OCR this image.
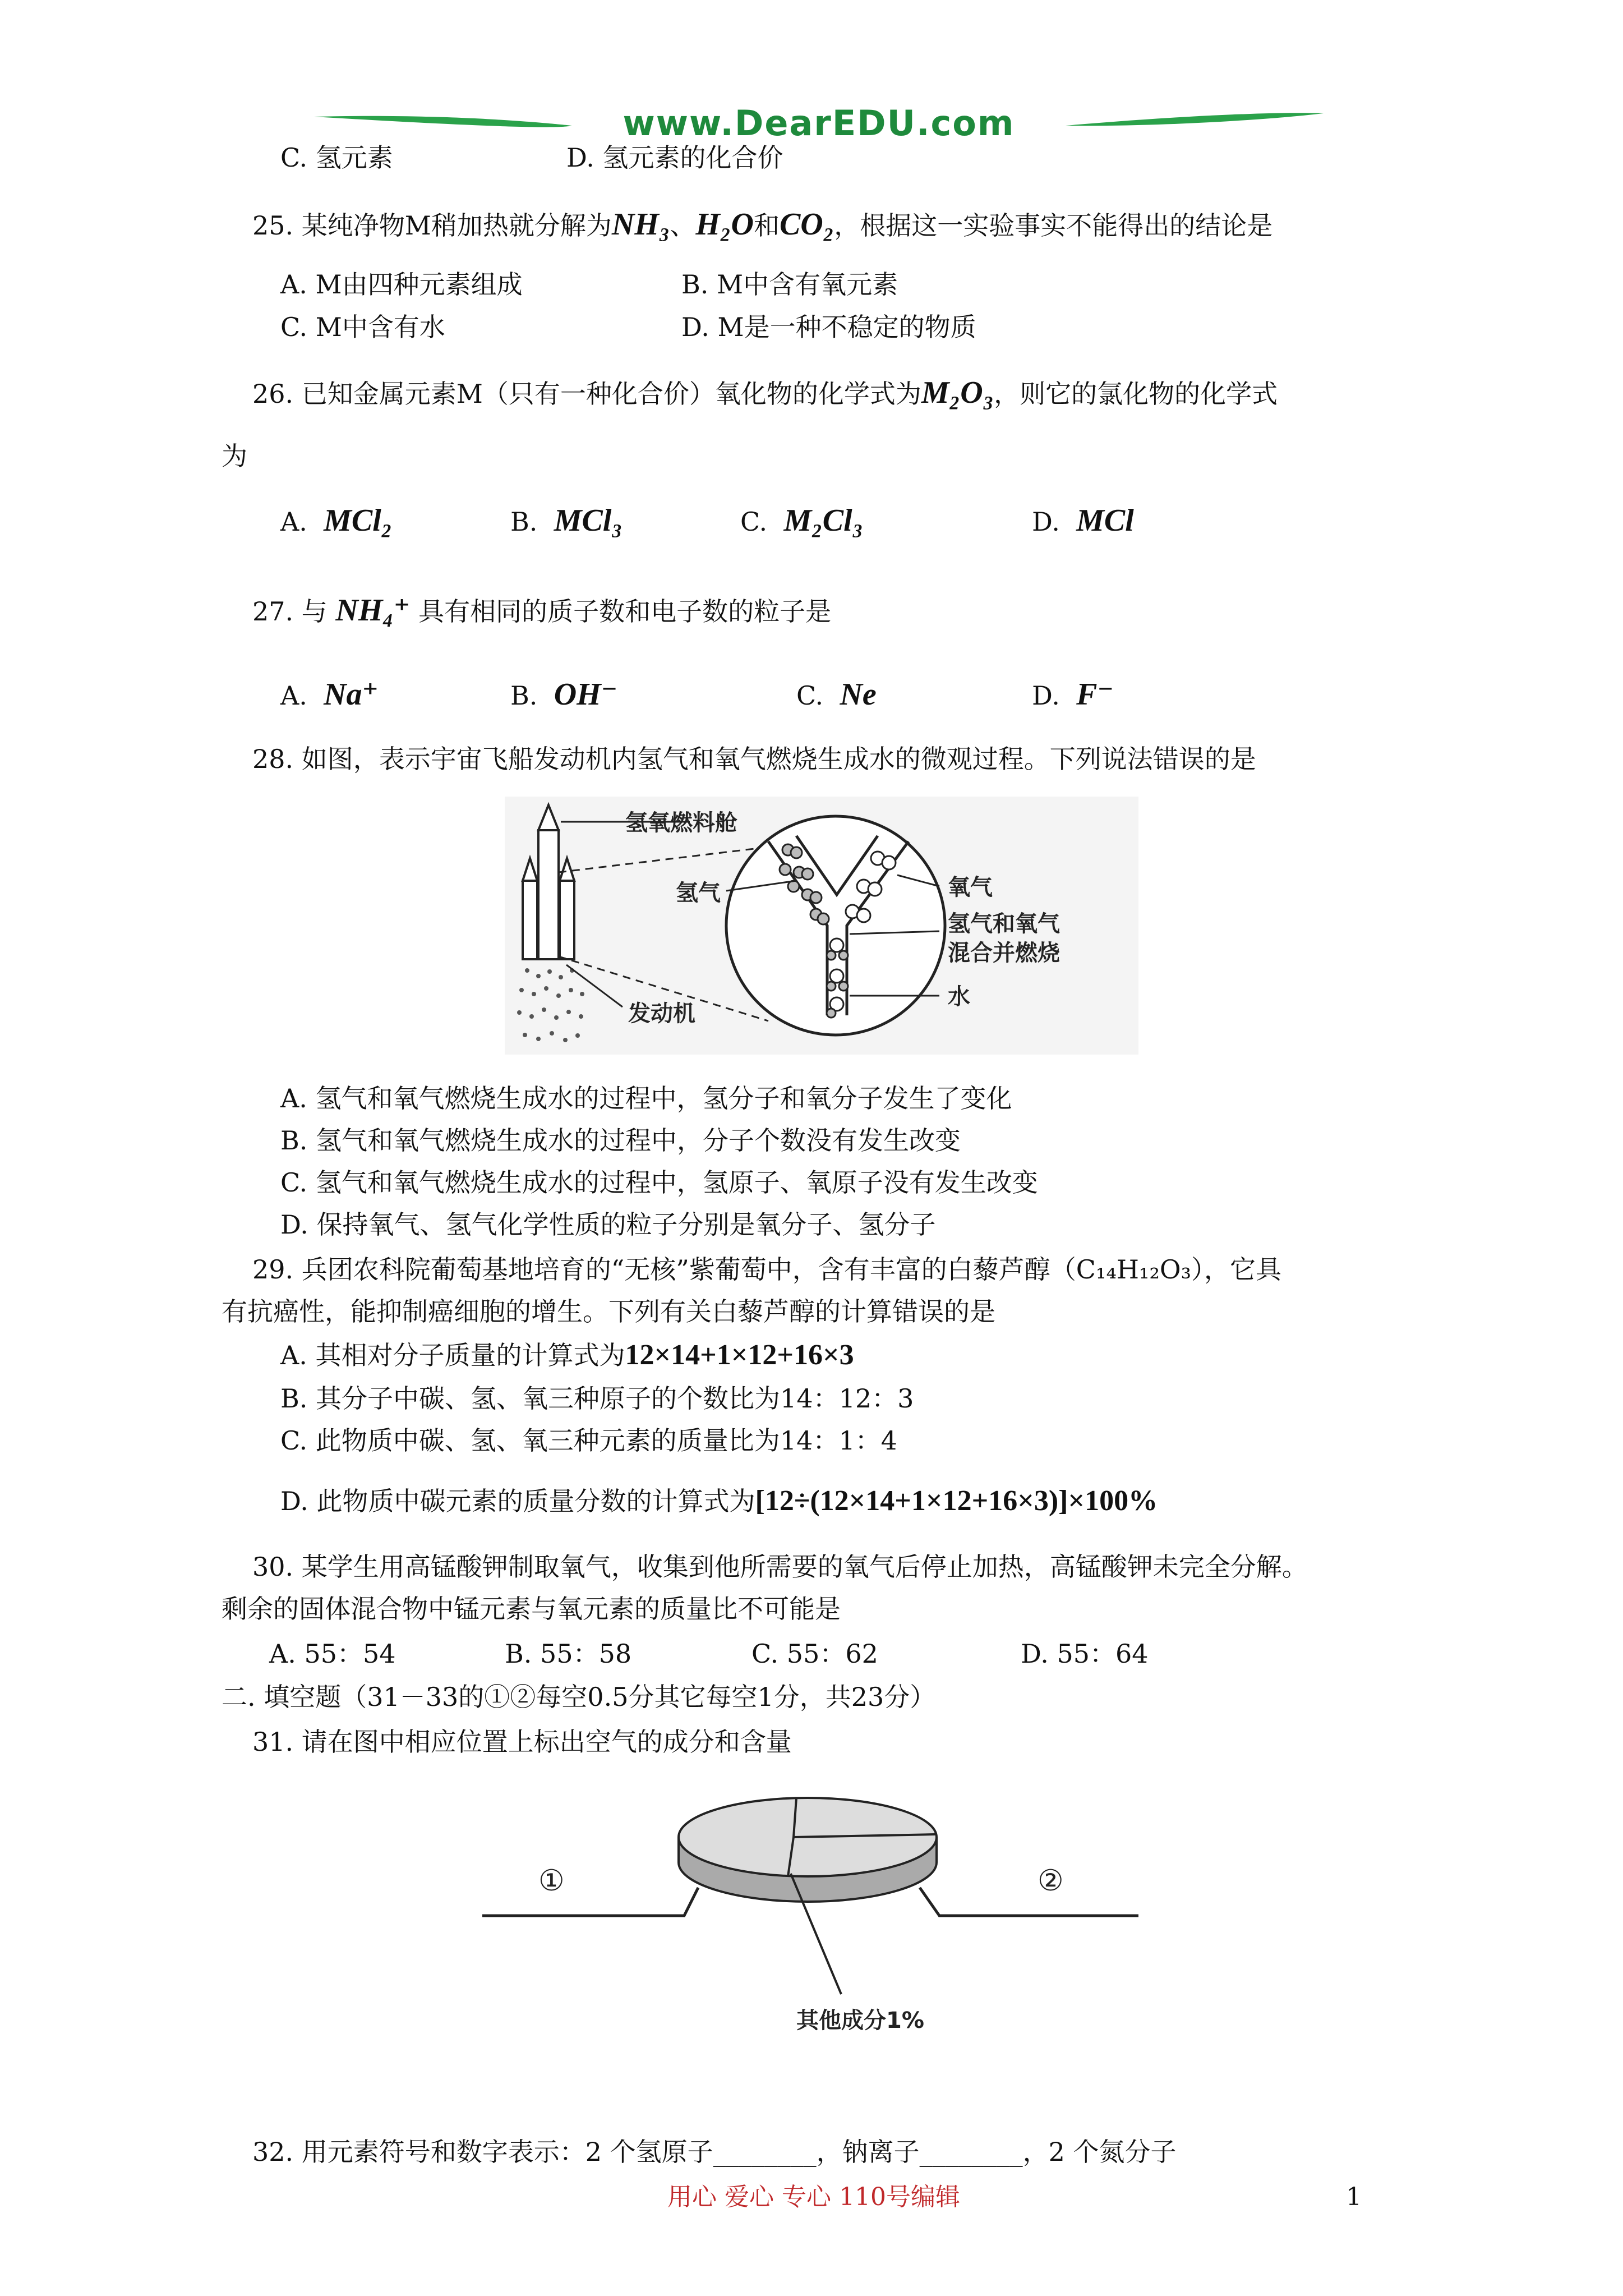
www.DearEDU.com
C. 氢元素	D. 氢元素的化合价
25. 某纯净物M稍加热就分解为NH₃、H₂O和CO₂，根据这一实验事实不能得出的结论是
A. M由四种元素组成	B. M中含有氧元素
C. M中含有水	D. M是一种不稳定的物质
26. 已知金属元素M（只有一种化合价）氧化物的化学式为M₂O₃，则它的氯化物的化学式
为
A. MCl₂	B. MCl₃	C. M₂Cl₃	D. MCl
27. 与 NH₄⁺ 具有相同的质子数和电子数的粒子是
A. Na⁺	B. OH⁻	C. Ne	D. F⁻
28. 如图，表示宇宙飞船发动机内氢气和氧气燃烧生成水的微观过程。下列说法错误的是
氢氧燃料舱
氢气	氧气
氢气和氧气
混合并燃烧
水
发动机
A. 氢气和氧气燃烧生成水的过程中，氢分子和氧分子发生了变化
B. 氢气和氧气燃烧生成水的过程中，分子个数没有发生改变
C. 氢气和氧气燃烧生成水的过程中，氢原子、氧原子没有发生改变
D. 保持氧气、氢气化学性质的粒子分别是氧分子、氢分子
29. 兵团农科院葡萄基地培育的“无核”紫葡萄中，含有丰富的白藜芦醇（C₁₄H₁₂O₃），它具
有抗癌性，能抑制癌细胞的增生。下列有关白藜芦醇的计算错误的是
A. 其相对分子质量的计算式为12×14+1×12+16×3
B. 其分子中碳、氢、氧三种原子的个数比为14：12：3
C. 此物质中碳、氢、氧三种元素的质量比为14：1：4
D. 此物质中碳元素的质量分数的计算式为[12÷(12×14+1×12+16×3)]×100%
30. 某学生用高锰酸钾制取氧气，收集到他所需要的氧气后停止加热，高锰酸钾未完全分解。
剩余的固体混合物中锰元素与氧元素的质量比不可能是
A. 55：54	B. 55：58	C. 55：62	D. 55：64
二. 填空题（31－33的①②每空0.5分其它每空1分，共23分）
31. 请在图中相应位置上标出空气的成分和含量
①	②
其他成分1%
32. 用元素符号和数字表示：2 个氢原子________，钠离子________，2 个氮分子
用心 爱心 专心 110号编辑	1
